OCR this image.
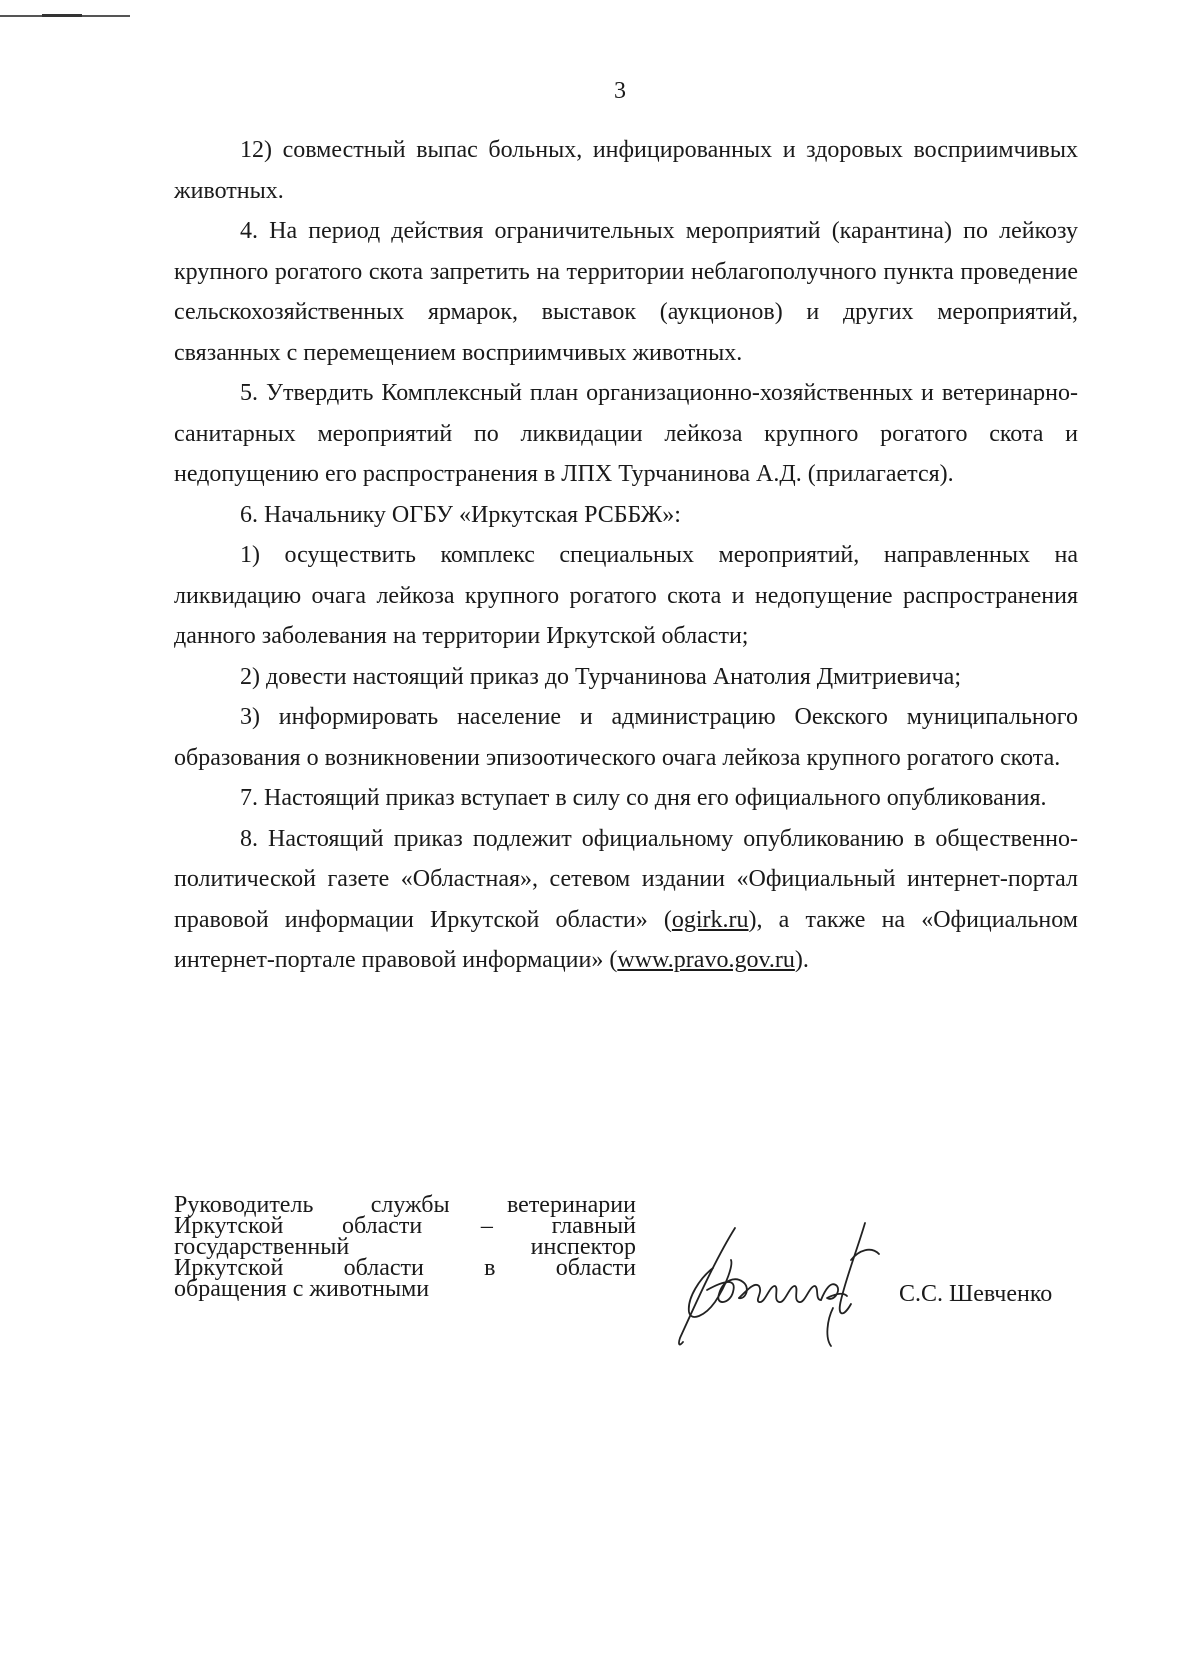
3

12) совместный выпас больных, инфицированных и здоровых восприимчивых животных.

4. На период действия ограничительных мероприятий (карантина) по лейкозу крупного рогатого скота запретить на территории неблагополучного пункта проведение сельскохозяйственных ярмарок, выставок (аукционов) и других мероприятий, связанных с перемещением восприимчивых животных.

5. Утвердить Комплексный план организационно-хозяйственных и ветеринарно-санитарных мероприятий по ликвидации лейкоза крупного рогатого скота и недопущению его распространения в ЛПХ Турчанинова А.Д. (прилагается).

6. Начальнику ОГБУ «Иркутская РСББЖ»:

1) осуществить комплекс специальных мероприятий, направленных на ликвидацию очага лейкоза крупного рогатого скота и недопущение распространения данного заболевания на территории Иркутской области;

2) довести настоящий приказ до Турчанинова Анатолия Дмитриевича;

3) информировать население и администрацию Оекского муниципального образования о возникновении эпизоотического очага лейкоза крупного рогатого скота.

7. Настоящий приказ вступает в силу со дня его официального опубликования.

8. Настоящий приказ подлежит официальному опубликованию в общественно-политической газете «Областная», сетевом издании «Официальный интернет-портал правовой информации Иркутской области» (ogirk.ru), а также на «Официальном интернет-портале правовой информации» (www.pravo.gov.ru).

Руководитель службы ветеринарии
Иркутской области – главный
государственный	инспектор
Иркутской	области	в	области
обращения с животными	С.С. Шевченко
